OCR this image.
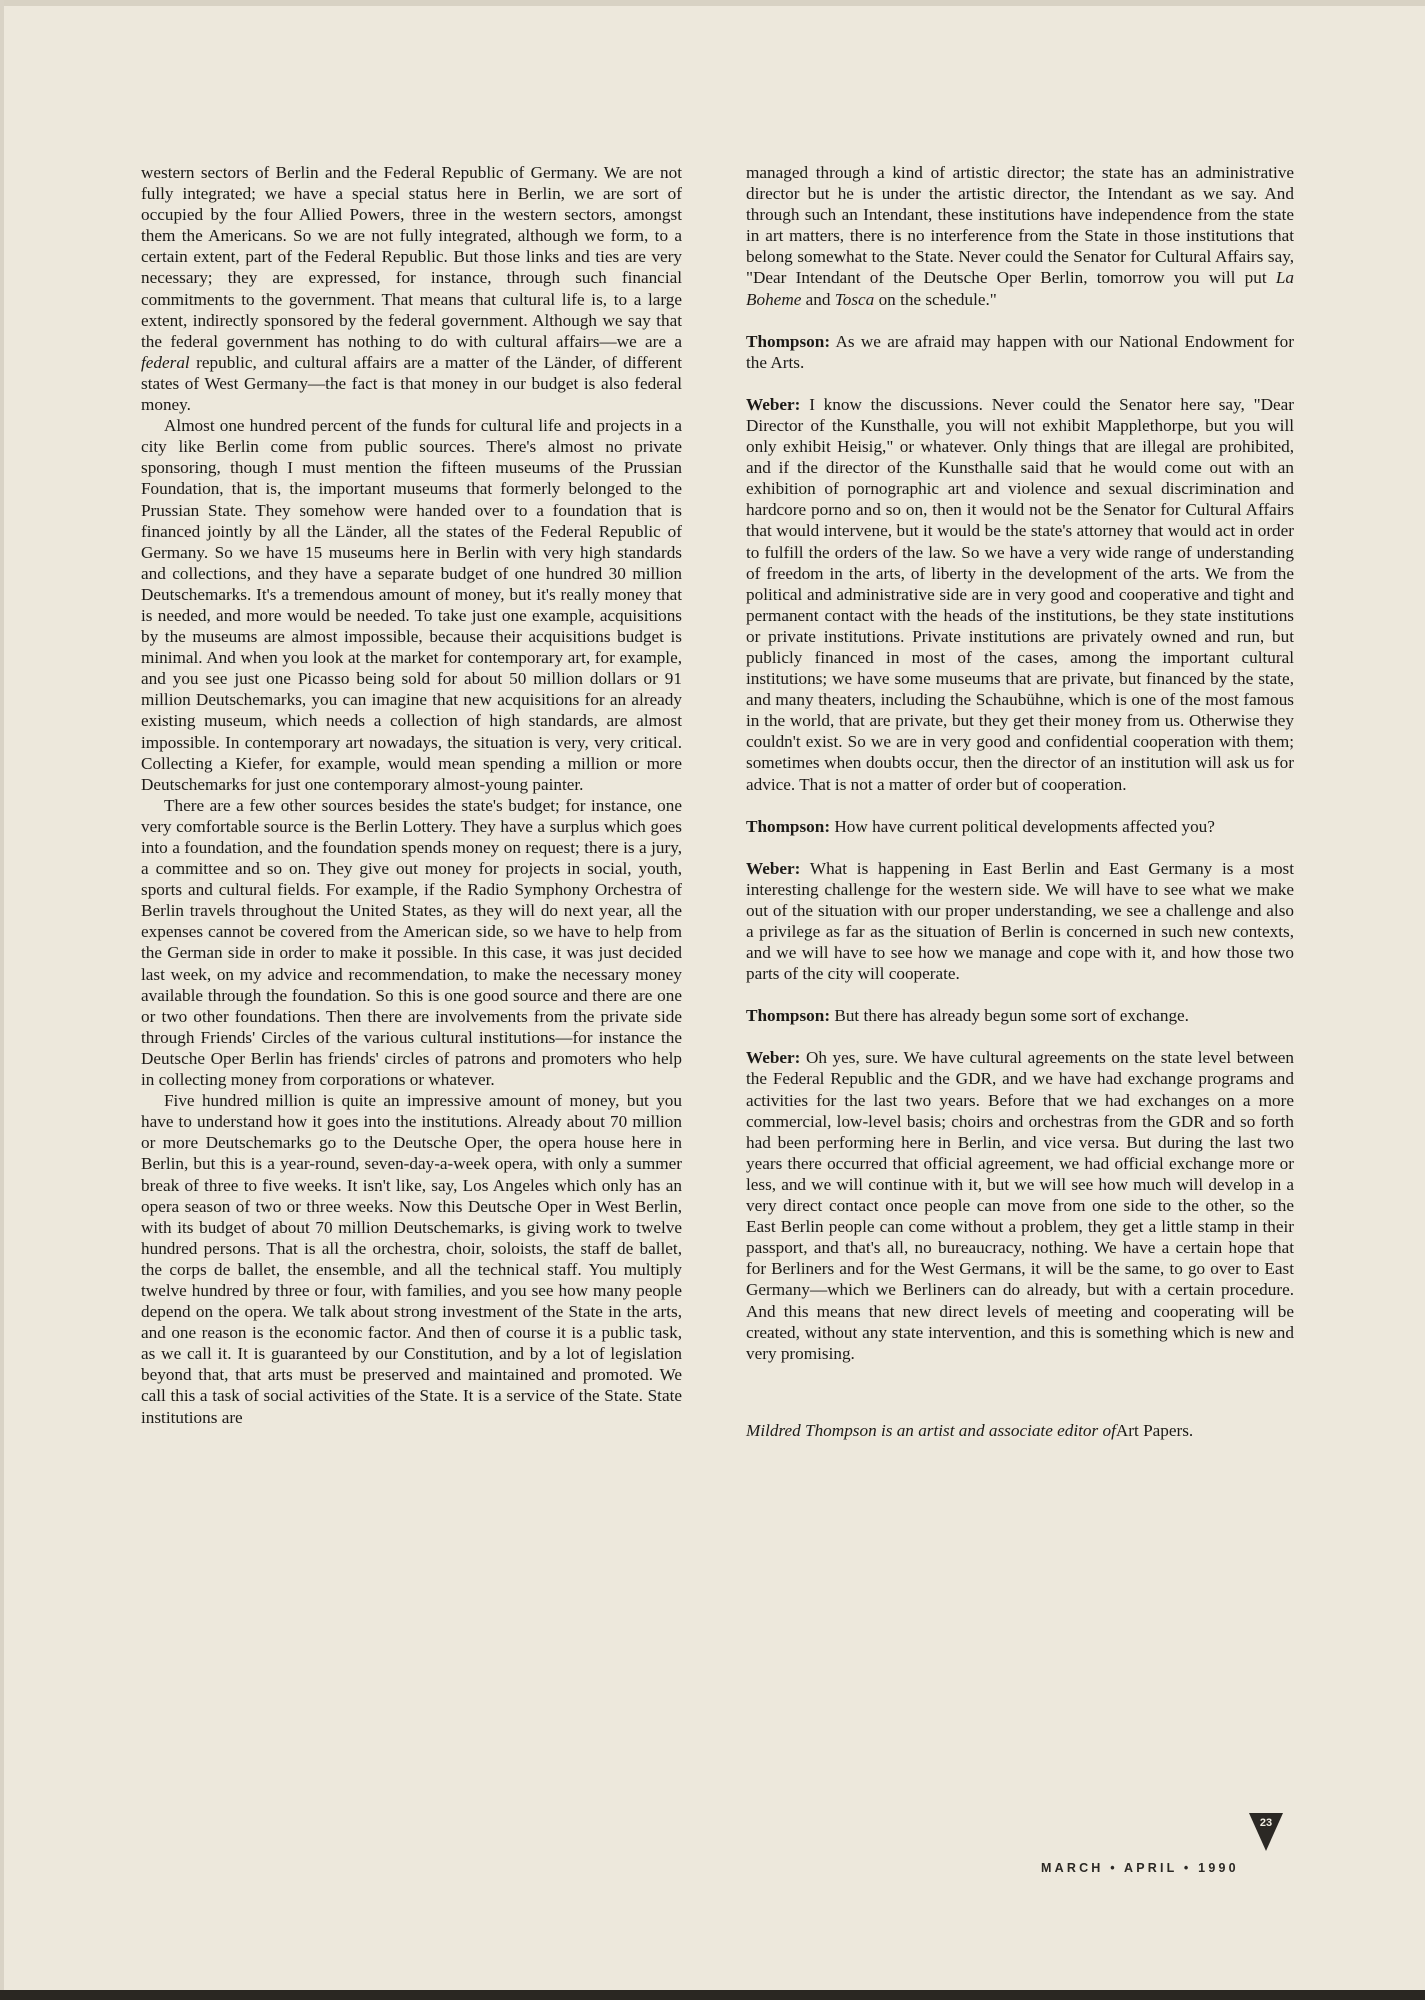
western sectors of Berlin and the Federal Republic of Germany. We are not fully integrated; we have a special status here in Berlin, we are sort of occupied by the four Allied Powers, three in the western sectors, amongst them the Americans. So we are not fully integrated, although we form, to a certain extent, part of the Federal Republic. But those links and ties are very necessary; they are expressed, for instance, through such financial commitments to the government. That means that cultural life is, to a large extent, indirectly sponsored by the federal government. Although we say that the federal government has nothing to do with cultural affairs—we are a federal republic, and cultural affairs are a matter of the Länder, of different states of West Germany—the fact is that money in our budget is also federal money.

Almost one hundred percent of the funds for cultural life and projects in a city like Berlin come from public sources. There's almost no private sponsoring, though I must mention the fifteen museums of the Prussian Foundation, that is, the important museums that formerly belonged to the Prussian State. They somehow were handed over to a foundation that is financed jointly by all the Länder, all the states of the Federal Republic of Germany. So we have 15 museums here in Berlin with very high standards and collections, and they have a separate budget of one hundred 30 million Deutschemarks. It's a tremendous amount of money, but it's really money that is needed, and more would be needed. To take just one example, acquisitions by the museums are almost impossible, because their acquisitions budget is minimal. And when you look at the market for contemporary art, for example, and you see just one Picasso being sold for about 50 million dollars or 91 million Deutschemarks, you can imagine that new acquisitions for an already existing museum, which needs a collection of high standards, are almost impossible. In contemporary art nowadays, the situation is very, very critical. Collecting a Kiefer, for example, would mean spending a million or more Deutschemarks for just one contemporary almost-young painter.

There are a few other sources besides the state's budget; for instance, one very comfortable source is the Berlin Lottery. They have a surplus which goes into a foundation, and the foundation spends money on request; there is a jury, a committee and so on. They give out money for projects in social, youth, sports and cultural fields. For example, if the Radio Symphony Orchestra of Berlin travels throughout the United States, as they will do next year, all the expenses cannot be covered from the American side, so we have to help from the German side in order to make it possible. In this case, it was just decided last week, on my advice and recommendation, to make the necessary money available through the foundation. So this is one good source and there are one or two other foundations. Then there are involvements from the private side through Friends' Circles of the various cultural institutions—for instance the Deutsche Oper Berlin has friends' circles of patrons and promoters who help in collecting money from corporations or whatever.

Five hundred million is quite an impressive amount of money, but you have to understand how it goes into the institutions. Already about 70 million or more Deutschemarks go to the Deutsche Oper, the opera house here in Berlin, but this is a year-round, seven-day-a-week opera, with only a summer break of three to five weeks. It isn't like, say, Los Angeles which only has an opera season of two or three weeks. Now this Deutsche Oper in West Berlin, with its budget of about 70 million Deutschemarks, is giving work to twelve hundred persons. That is all the orchestra, choir, soloists, the staff de ballet, the corps de ballet, the ensemble, and all the technical staff. You multiply twelve hundred by three or four, with families, and you see how many people depend on the opera. We talk about strong investment of the State in the arts, and one reason is the economic factor. And then of course it is a public task, as we call it. It is guaranteed by our Constitution, and by a lot of legislation beyond that, that arts must be preserved and maintained and promoted. We call this a task of social activities of the State. It is a service of the State. State institutions are

managed through a kind of artistic director; the state has an administrative director but he is under the artistic director, the Intendant as we say. And through such an Intendant, these institutions have independence from the state in art matters, there is no interference from the State in those institutions that belong somewhat to the State. Never could the Senator for Cultural Affairs say, "Dear Intendant of the Deutsche Oper Berlin, tomorrow you will put La Boheme and Tosca on the schedule."

Thompson: As we are afraid may happen with our National Endowment for the Arts.

Weber: I know the discussions. Never could the Senator here say, "Dear Director of the Kunsthalle, you will not exhibit Mapplethorpe, but you will only exhibit Heisig," or whatever. Only things that are illegal are prohibited, and if the director of the Kunsthalle said that he would come out with an exhibition of pornographic art and violence and sexual discrimination and hardcore porno and so on, then it would not be the Senator for Cultural Affairs that would intervene, but it would be the state's attorney that would act in order to fulfill the orders of the law. So we have a very wide range of understanding of freedom in the arts, of liberty in the development of the arts. We from the political and administrative side are in very good and cooperative and tight and permanent contact with the heads of the institutions, be they state institutions or private institutions. Private institutions are privately owned and run, but publicly financed in most of the cases, among the important cultural institutions; we have some museums that are private, but financed by the state, and many theaters, including the Schaubühne, which is one of the most famous in the world, that are private, but they get their money from us. Otherwise they couldn't exist. So we are in very good and confidential cooperation with them; sometimes when doubts occur, then the director of an institution will ask us for advice. That is not a matter of order but of cooperation.

Thompson: How have current political developments affected you?

Weber: What is happening in East Berlin and East Germany is a most interesting challenge for the western side. We will have to see what we make out of the situation with our proper understanding, we see a challenge and also a privilege as far as the situation of Berlin is concerned in such new contexts, and we will have to see how we manage and cope with it, and how those two parts of the city will cooperate.

Thompson: But there has already begun some sort of exchange.

Weber: Oh yes, sure. We have cultural agreements on the state level between the Federal Republic and the GDR, and we have had exchange programs and activities for the last two years. Before that we had exchanges on a more commercial, low-level basis; choirs and orchestras from the GDR and so forth had been performing here in Berlin, and vice versa. But during the last two years there occurred that official agreement, we had official exchange more or less, and we will continue with it, but we will see how much will develop in a very direct contact once people can move from one side to the other, so the East Berlin people can come without a problem, they get a little stamp in their passport, and that's all, no bureaucracy, nothing. We have a certain hope that for Berliners and for the West Germans, it will be the same, to go over to East Germany—which we Berliners can do already, but with a certain procedure. And this means that new direct levels of meeting and cooperating will be created, without any state intervention, and this is something which is new and very promising.

Mildred Thompson is an artist and associate editor ofArt Papers.

23
MARCH • APRIL • 1990
